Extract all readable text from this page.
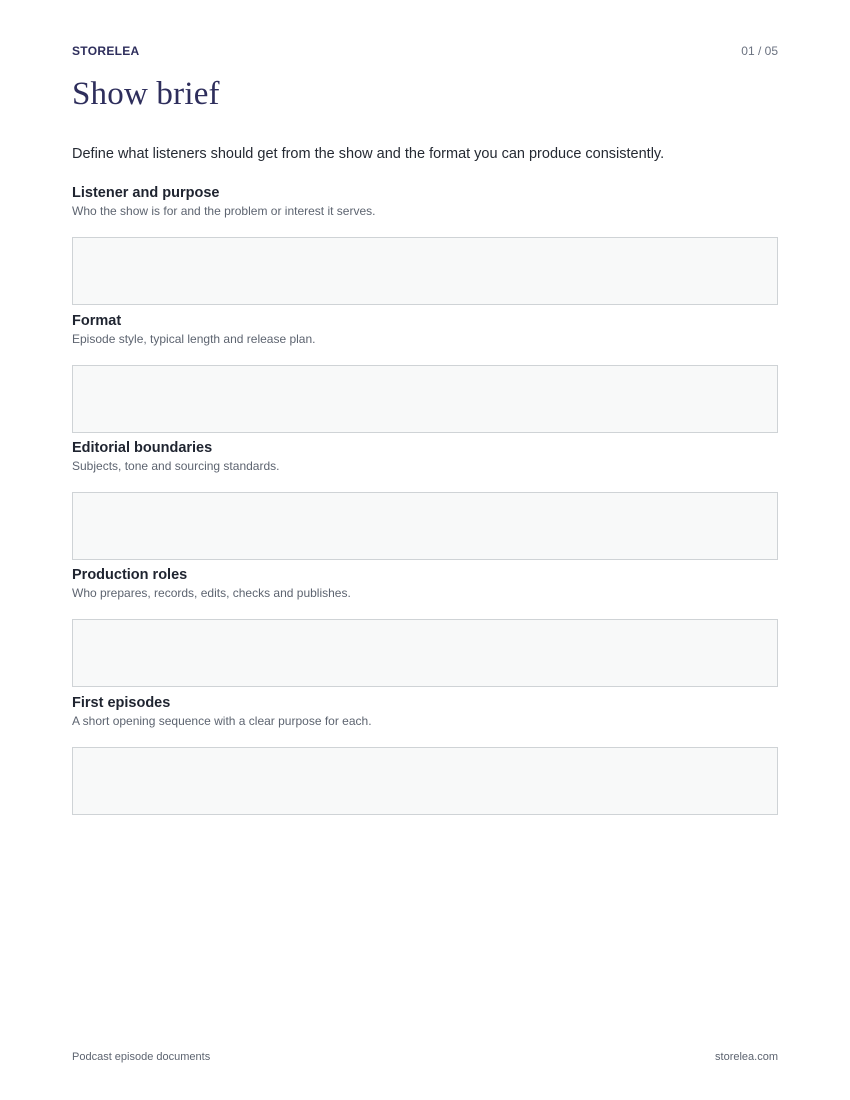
STORELEA	01 / 05
Show brief

Define what listeners should get from the show and the format you can produce consistently.

Listener and purpose

Who the show is for and the problem or interest it serves.

Format

Episode style, typical length and release plan.

Editorial boundaries

Subjects, tone and sourcing standards.

Production roles

Who prepares, records, edits, checks and publishes.

First episodes

A short opening sequence with a clear purpose for each.

Podcast episode documents	storelea.com
